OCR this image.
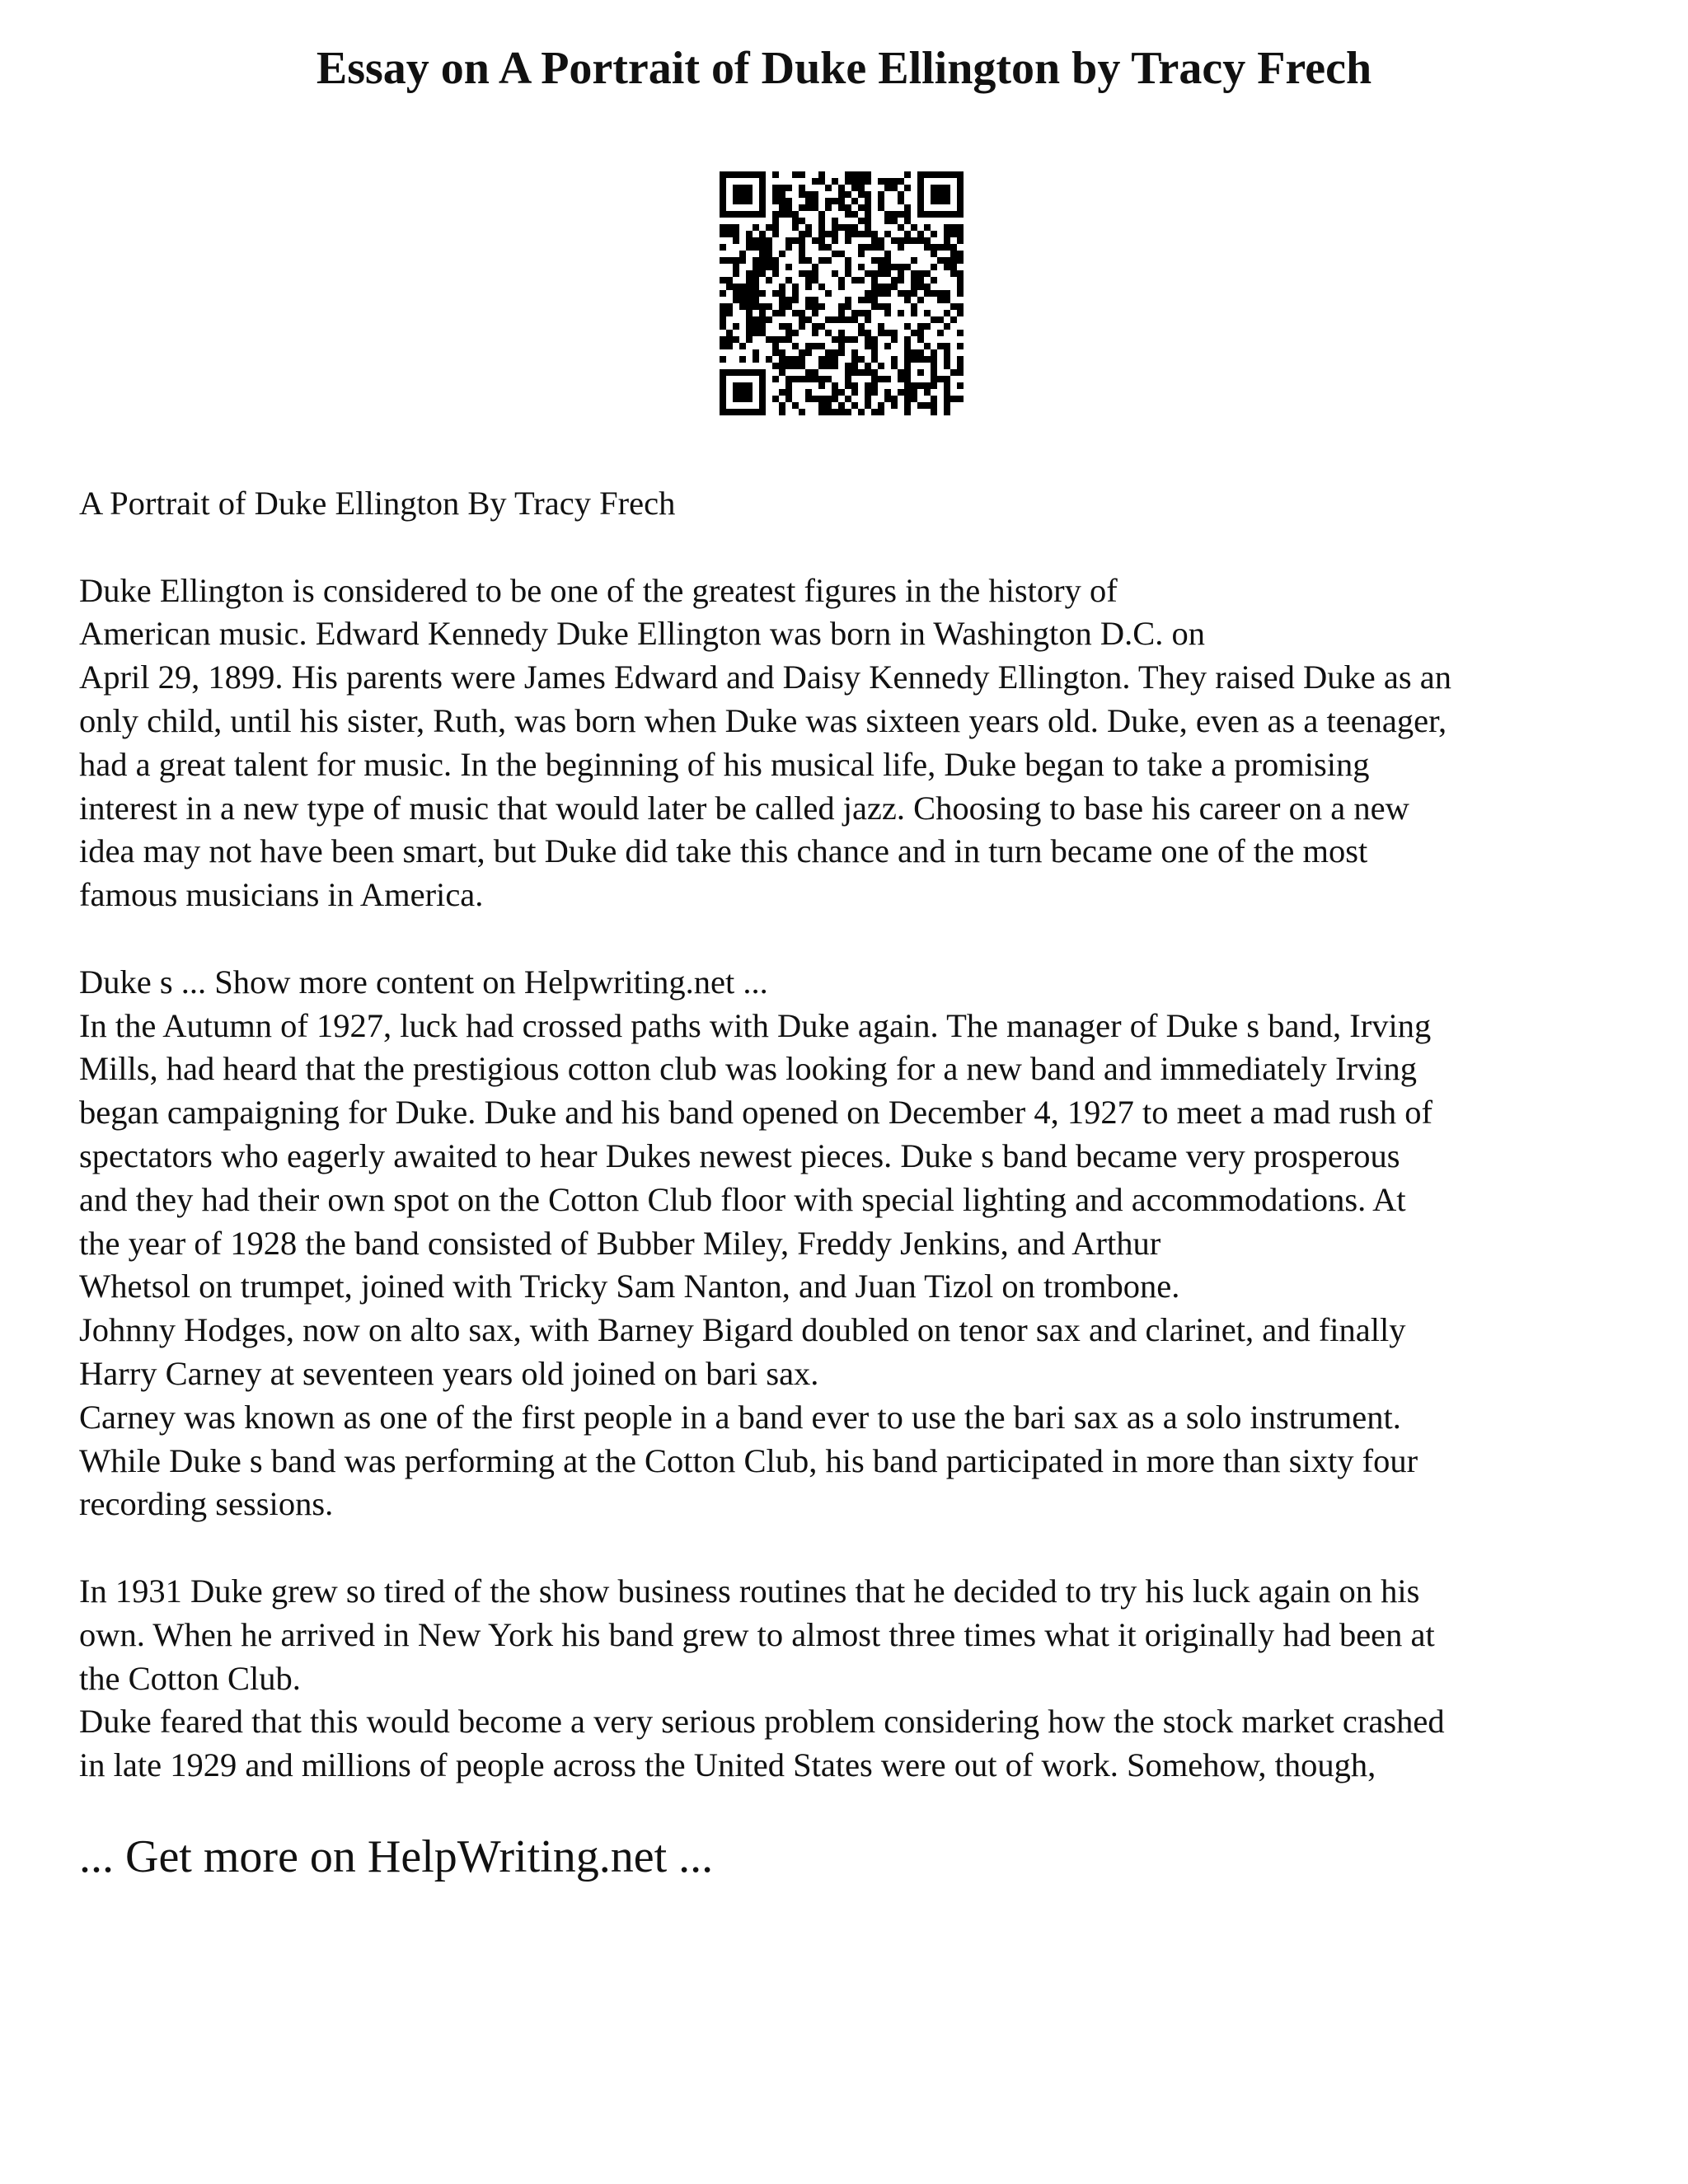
Essay on A Portrait of Duke Ellington by Tracy Frech
A Portrait of Duke Ellington By Tracy Frech
Duke Ellington is considered to be one of the greatest figures in the history of
American music. Edward Kennedy Duke Ellington was born in Washington D.C. on
April 29, 1899. His parents were James Edward and Daisy Kennedy Ellington. They raised Duke as an
only child, until his sister, Ruth, was born when Duke was sixteen years old. Duke, even as a teenager,
had a great talent for music. In the beginning of his musical life, Duke began to take a promising
interest in a new type of music that would later be called jazz. Choosing to base his career on a new
idea may not have been smart, but Duke did take this chance and in turn became one of the most
famous musicians in America.
Duke s ... Show more content on Helpwriting.net ...
In the Autumn of 1927, luck had crossed paths with Duke again. The manager of Duke s band, Irving
Mills, had heard that the prestigious cotton club was looking for a new band and immediately Irving
began campaigning for Duke. Duke and his band opened on December 4, 1927 to meet a mad rush of
spectators who eagerly awaited to hear Dukes newest pieces. Duke s band became very prosperous
and they had their own spot on the Cotton Club floor with special lighting and accommodations. At
the year of 1928 the band consisted of Bubber Miley, Freddy Jenkins, and Arthur
Whetsol on trumpet, joined with Tricky Sam Nanton, and Juan Tizol on trombone.
Johnny Hodges, now on alto sax, with Barney Bigard doubled on tenor sax and clarinet, and finally
Harry Carney at seventeen years old joined on bari sax.
Carney was known as one of the first people in a band ever to use the bari sax as a solo instrument.
While Duke s band was performing at the Cotton Club, his band participated in more than sixty four
recording sessions.
In 1931 Duke grew so tired of the show business routines that he decided to try his luck again on his
own. When he arrived in New York his band grew to almost three times what it originally had been at
the Cotton Club.
Duke feared that this would become a very serious problem considering how the stock market crashed
in late 1929 and millions of people across the United States were out of work. Somehow, though,
... Get more on HelpWriting.net ...
